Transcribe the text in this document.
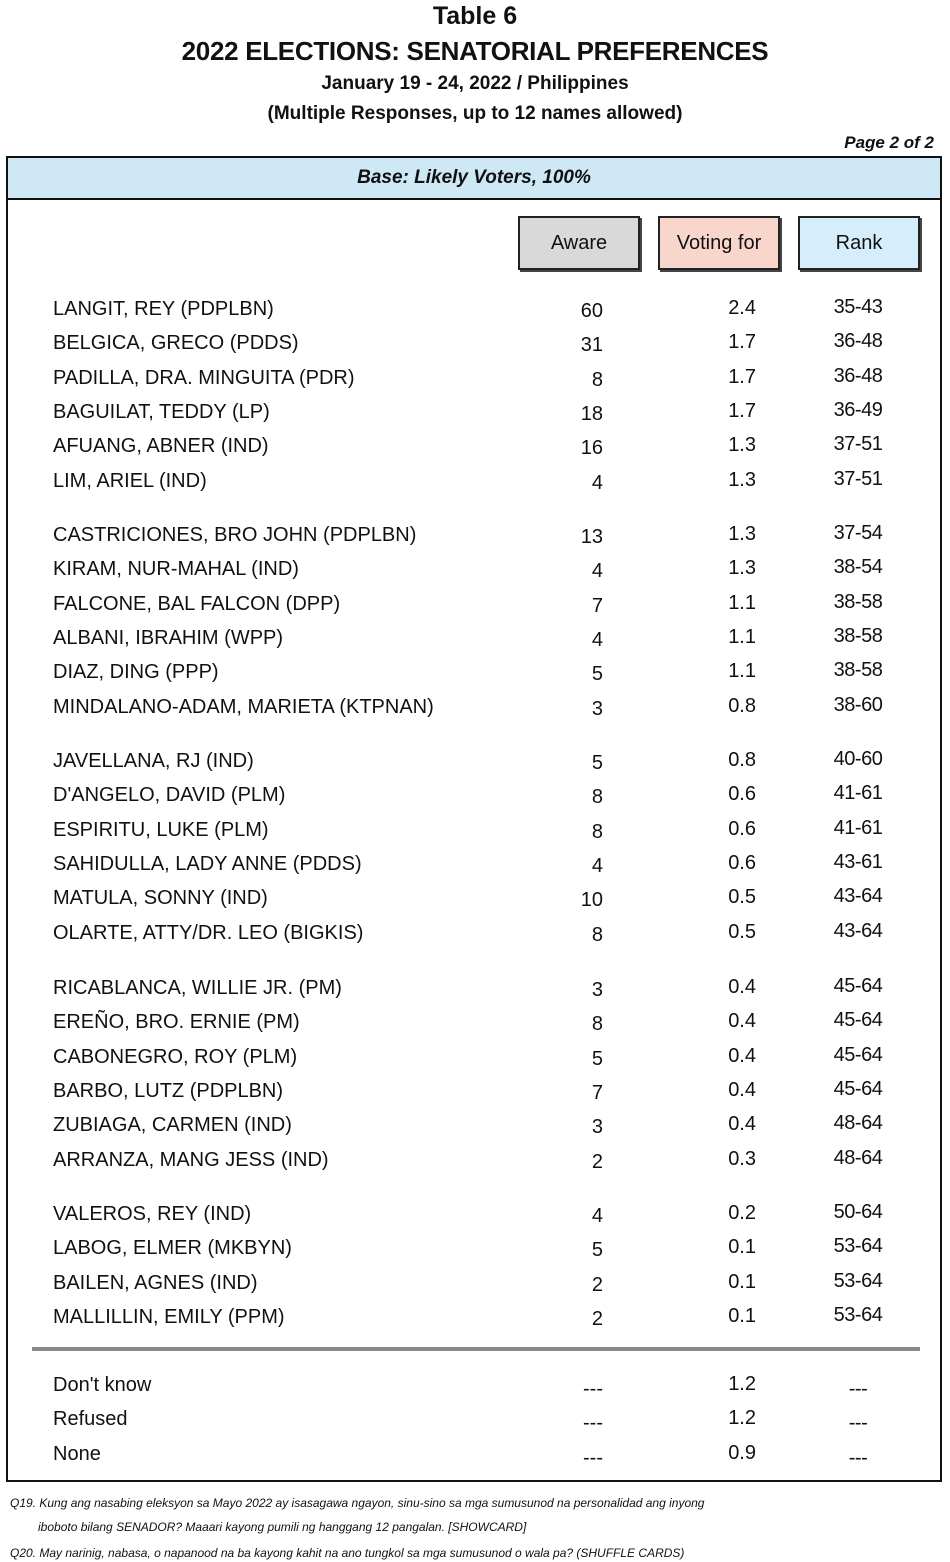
Table 6
2022 ELECTIONS: SENATORIAL PREFERENCES
January 19 - 24, 2022 / Philippines
(Multiple Responses, up to 12 names allowed)
Page 2 of 2
Base: Likely Voters, 100%
Aware	Voting for	Rank
LANGIT, REY (PDPLBN)	60	2.4	35-43
BELGICA, GRECO (PDDS)	31	1.7	36-48
PADILLA, DRA. MINGUITA (PDR)	8	1.7	36-48
BAGUILAT, TEDDY (LP)	18	1.7	36-49
AFUANG, ABNER (IND)	16	1.3	37-51
LIM, ARIEL (IND)	4	1.3	37-51
CASTRICIONES, BRO JOHN (PDPLBN)	13	1.3	37-54
KIRAM, NUR-MAHAL (IND)	4	1.3	38-54
FALCONE, BAL FALCON (DPP)	7	1.1	38-58
ALBANI, IBRAHIM (WPP)	4	1.1	38-58
DIAZ, DING (PPP)	5	1.1	38-58
MINDALANO-ADAM, MARIETA (KTPNAN)	3	0.8	38-60
JAVELLANA, RJ (IND)	5	0.8	40-60
D'ANGELO, DAVID (PLM)	8	0.6	41-61
ESPIRITU, LUKE (PLM)	8	0.6	41-61
SAHIDULLA, LADY ANNE (PDDS)	4	0.6	43-61
MATULA, SONNY (IND)	10	0.5	43-64
OLARTE, ATTY/DR. LEO (BIGKIS)	8	0.5	43-64
RICABLANCA, WILLIE JR. (PM)	3	0.4	45-64
EREÑO, BRO. ERNIE (PM)	8	0.4	45-64
CABONEGRO, ROY (PLM)	5	0.4	45-64
BARBO, LUTZ (PDPLBN)	7	0.4	45-64
ZUBIAGA, CARMEN (IND)	3	0.4	48-64
ARRANZA, MANG JESS (IND)	2	0.3	48-64
VALEROS, REY (IND)	4	0.2	50-64
LABOG, ELMER (MKBYN)	5	0.1	53-64
BAILEN, AGNES (IND)	2	0.1	53-64
MALLILLIN, EMILY (PPM)	2	0.1	53-64
Don't know	---	1.2	---
Refused	---	1.2	---
None	---	0.9	---
Q19. Kung ang nasabing eleksyon sa Mayo 2022 ay isasagawa ngayon, sinu-sino sa mga sumusunod na personalidad ang inyong
iboboto bilang SENADOR? Maaari kayong pumili ng hanggang 12 pangalan. [SHOWCARD]
Q20. May narinig, nabasa, o napanood na ba kayong kahit na ano tungkol sa mga sumusunod o wala pa? (SHUFFLE CARDS)
